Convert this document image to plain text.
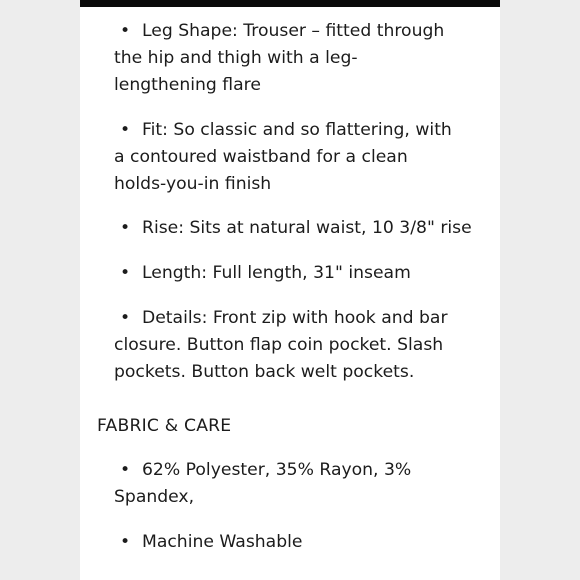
• Leg Shape: Trouser – fitted through
the hip and thigh with a leg-
lengthening flare
• Fit: So classic and so flattering, with
a contoured waistband for a clean
holds-you-in finish
• Rise: Sits at natural waist, 10 3/8" rise
• Length: Full length, 31" inseam
• Details: Front zip with hook and bar
closure. Button flap coin pocket. Slash
pockets. Button back welt pockets.
FABRIC & CARE
• 62% Polyester, 35% Rayon, 3%
Spandex,
• Machine Washable
